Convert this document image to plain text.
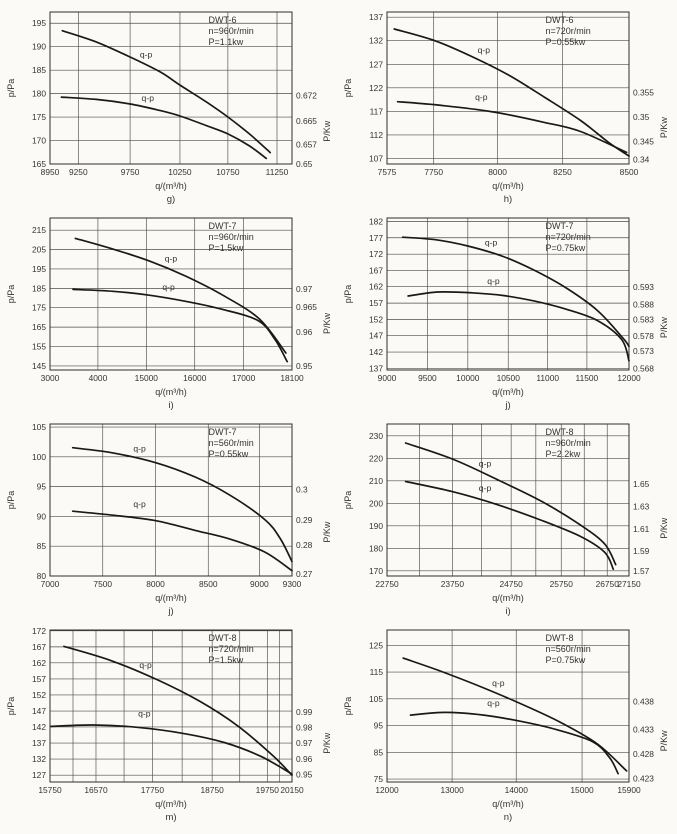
q-p
q-p
DWT-6
n=960r/min
P=1.1kw
165
170
175
180
185
190
195
0.65
0.657
0.665
0.672
8950 9250	9750	10250	10750	11250
p/Pa
P/Kw
q/(m³/h)
g)
q-p
q-p
DWT-6
n=720r/min
P=0.55kw
107
112
117
122
127
132
137
0.34
0.345
0.35
0.355
7575	7750	8000	8250	8500
p/Pa
P/Kw
q/(m³/h)
h)
q-p
q-p
DWT-7
n=960r/min
P=1.5kw
145
155
165
175
185
195
205
215
0.95
0.96
0.965
0.97
3000	4000	15000	16000	17000	18100
p/Pa
P/Kw
q/(m³/h)
i)
q-p
q-p
DWT-7
n=720r/min
P=0.75kw
137
142
147
152
157
162
167
172
177
182
0.568
0.573
0.578
0.583
0.588
0.593
9000	9500 10000 10500 11000 11500 12000
p/Pa
P/Kw
q/(m³/h)
j)
q-p
q-p
DWT-7
n=560r/min
P=0.55kw
80
85
90
95
100
105
0.27
0.28
0.29
0.3
7000	7500	8000	8500	9000 9300
p/Pa
P/Kw
q/(m³/h)
j)
q-p
q-p
DWT-8
n=960r/min
P=2.2kw
170
180
190
200
210
220
230
1.57
1.59
1.61
1.63
1.65
22750	23750	24750	25750	26750
27150
p/Pa
P/Kw
q/(m³/h)
i)
q-p
q-p
DWT-8
n=720r/min
P=1.5kw
127
132
137
142
147
152
157
162
167
172
0.95
0.96
0.97
0.98
0.99
15750	16570	17750	18750	19750 20150
p/Pa
P/Kw
q/(m³/h)
m)
q-p
q-p
DWT-8
n=560r/min
P=0.75kw
75
85
95
105
115
125
0.423
0.428
0.433
0.438
12000	13000	14000	15000	15900
p/Pa
P/Kw
q/(m³/h)
n)
